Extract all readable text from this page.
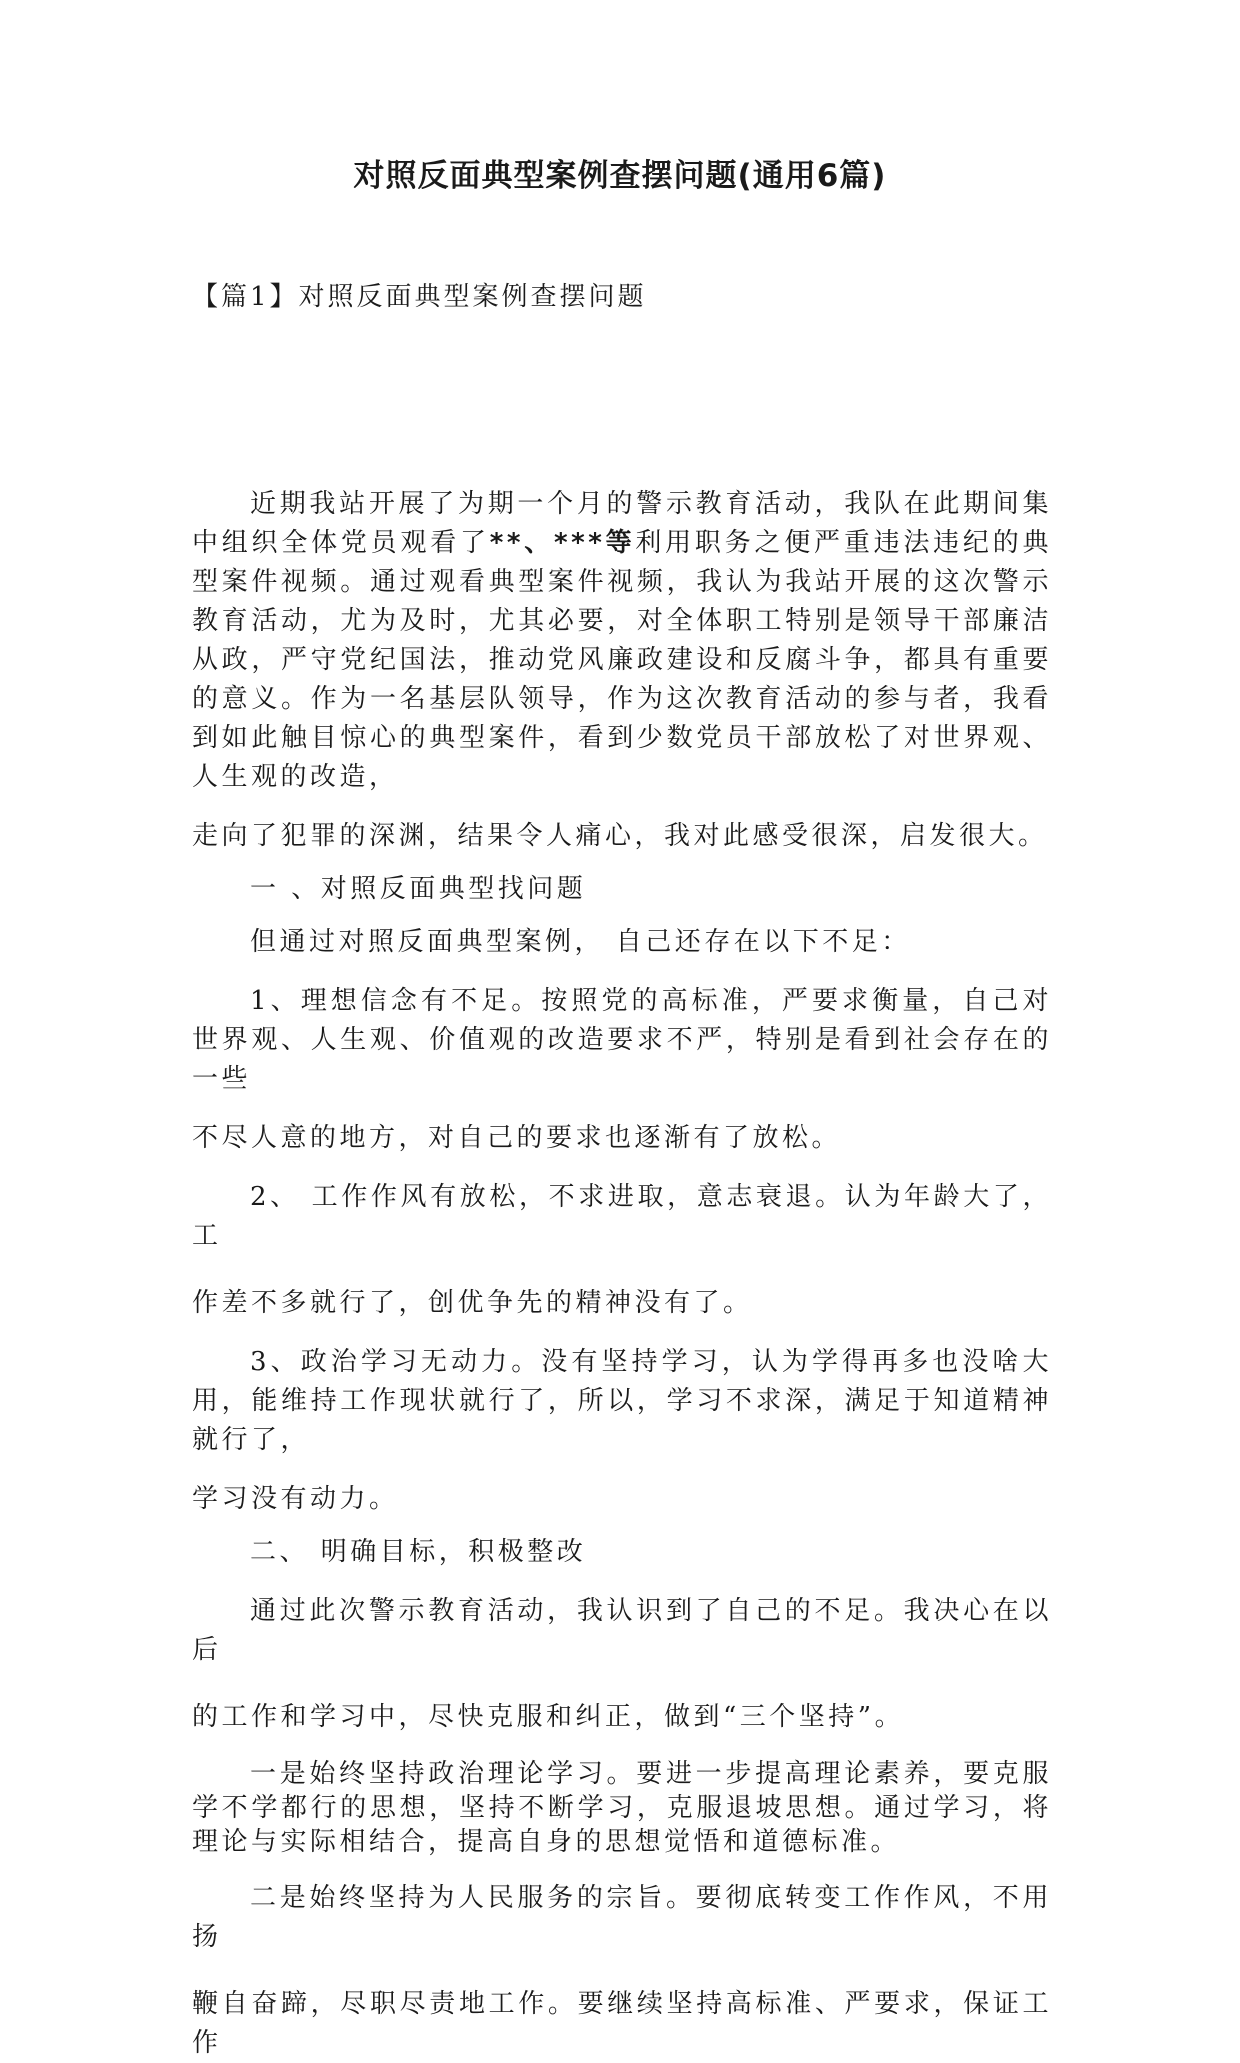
对照反面典型案例查摆问题(通用6篇)

【篇1】对照反面典型案例查摆问题

近期我站开展了为期一个月的警示教育活动，我队在此期间集中组织全体党员观看了**、***等利用职务之便严重违法违纪的典型案件视频。通过观看典型案件视频，我认为我站开展的这次警示教育活动，尤为及时，尤其必要，对全体职工特别是领导干部廉洁从政，严守党纪国法，推动党风廉政建设和反腐斗争，都具有重要的意义。作为一名基层队领导，作为这次教育活动的参与者，我看到如此触目惊心的典型案件，看到少数党员干部放松了对世界观、人生观的改造，

走向了犯罪的深渊，结果令人痛心，我对此感受很深，启发很大。

一 、对照反面典型找问题

但通过对照反面典型案例， 自己还存在以下不足：

1、理想信念有不足。按照党的高标准，严要求衡量，自己对世界观、人生观、价值观的改造要求不严，特别是看到社会存在的一些

不尽人意的地方，对自己的要求也逐渐有了放松。

2、 工作作风有放松，不求进取，意志衰退。认为年龄大了，工

作差不多就行了，创优争先的精神没有了。

3、政治学习无动力。没有坚持学习，认为学得再多也没啥大用，能维持工作现状就行了，所以，学习不求深，满足于知道精神就行了，

学习没有动力。

二、 明确目标，积极整改

通过此次警示教育活动，我认识到了自己的不足。我决心在以后

的工作和学习中，尽快克服和纠正，做到“三个坚持”。

一是始终坚持政治理论学习。要进一步提高理论素养，要克服学不学都行的思想，坚持不断学习，克服退坡思想。通过学习，将理论与实际相结合，提高自身的思想觉悟和道德标准。

二是始终坚持为人民服务的宗旨。要彻底转变工作作风，不用扬

鞭自奋蹄，尽职尽责地工作。要继续坚持高标准、严要求，保证工作
